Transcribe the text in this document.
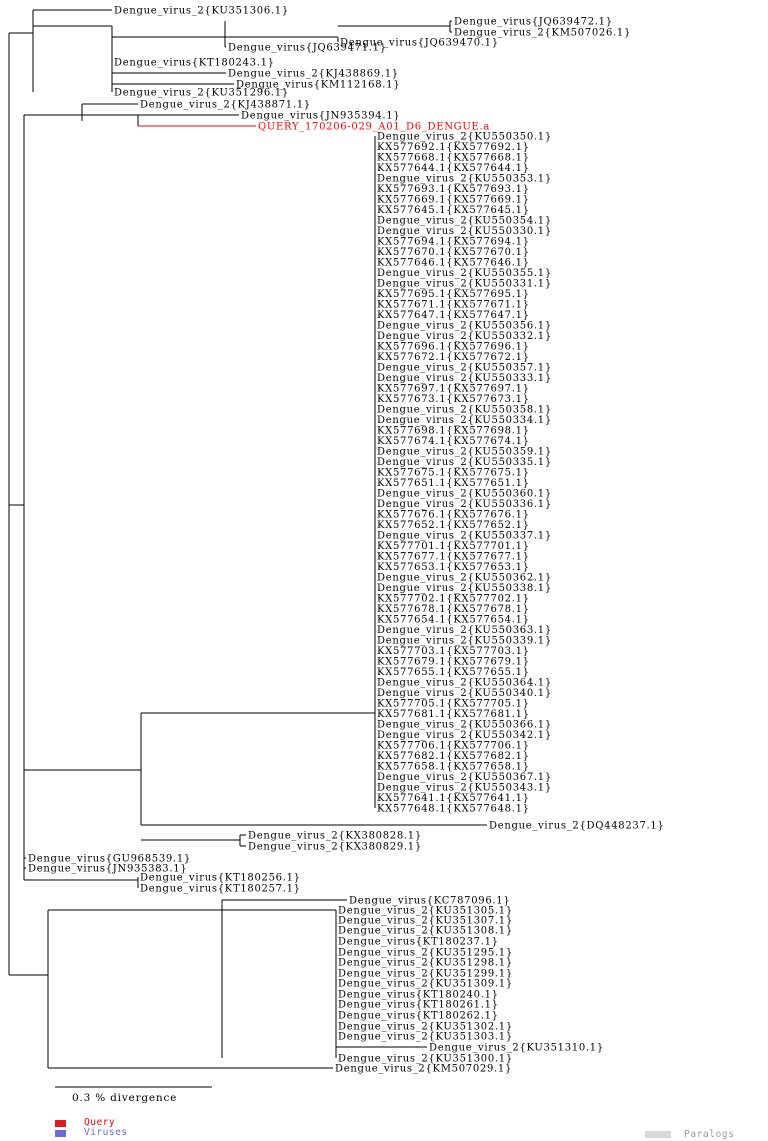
Dengue_virus_2{KU351306.1}
Dengue_virus{JQ639472.1}
Dengue_virus_2{KM507026.1}
Dengue_virus{JQ639470.1}
Dengue_virus{JQ639471.1}
Dengue_virus{KT180243.1}
Dengue_virus_2{KJ438869.1}
Dengue_virus{KM112168.1}
Dengue_virus_2{KU351296.1}
Dengue_virus_2{KJ438871.1}
Dengue_virus{JN935394.1}
QUERY_170206-029_A01_D6_DENGUE.a
Dengue_virus_2{KU550350.1}
KX577692.1{KX577692.1}
KX577668.1{KX577668.1}
KX577644.1{KX577644.1}
Dengue_virus_2{KU550353.1}
KX577693.1{KX577693.1}
KX577669.1{KX577669.1}
KX577645.1{KX577645.1}
Dengue_virus_2{KU550354.1}
Dengue_virus_2{KU550330.1}
KX577694.1{KX577694.1}
KX577670.1{KX577670.1}
KX577646.1{KX577646.1}
Dengue_virus_2{KU550355.1}
Dengue_virus_2{KU550331.1}
KX577695.1{KX577695.1}
KX577671.1{KX577671.1}
KX577647.1{KX577647.1}
Dengue_virus_2{KU550356.1}
Dengue_virus_2{KU550332.1}
KX577696.1{KX577696.1}
KX577672.1{KX577672.1}
Dengue_virus_2{KU550357.1}
Dengue_virus_2{KU550333.1}
KX577697.1{KX577697.1}
KX577673.1{KX577673.1}
Dengue_virus_2{KU550358.1}
Dengue_virus_2{KU550334.1}
KX577698.1{KX577698.1}
KX577674.1{KX577674.1}
Dengue_virus_2{KU550359.1}
Dengue_virus_2{KU550335.1}
KX577675.1{KX577675.1}
KX577651.1{KX577651.1}
Dengue_virus_2{KU550360.1}
Dengue_virus_2{KU550336.1}
KX577676.1{KX577676.1}
KX577652.1{KX577652.1}
Dengue_virus_2{KU550337.1}
KX577701.1{KX577701.1}
KX577677.1{KX577677.1}
KX577653.1{KX577653.1}
Dengue_virus_2{KU550362.1}
Dengue_virus_2{KU550338.1}
KX577702.1{KX577702.1}
KX577678.1{KX577678.1}
KX577654.1{KX577654.1}
Dengue_virus_2{KU550363.1}
Dengue_virus_2{KU550339.1}
KX577703.1{KX577703.1}
KX577679.1{KX577679.1}
KX577655.1{KX577655.1}
Dengue_virus_2{KU550364.1}
Dengue_virus_2{KU550340.1}
KX577705.1{KX577705.1}
KX577681.1{KX577681.1}
Dengue_virus_2{KU550366.1}
Dengue_virus_2{KU550342.1}
KX577706.1{KX577706.1}
KX577682.1{KX577682.1}
KX577658.1{KX577658.1}
Dengue_virus_2{KU550367.1}
Dengue_virus_2{KU550343.1}
KX577641.1{KX577641.1}
KX577648.1{KX577648.1}
Dengue_virus_2{DQ448237.1}
Dengue_virus_2{KX380828.1}
Dengue_virus_2{KX380829.1}
Dengue_virus{GU968539.1}
Dengue_virus{JN935383.1}
Dengue_virus{KT180256.1}
Dengue_virus{KT180257.1}
Dengue_virus{KC787096.1}
Dengue_virus_2{KU351305.1}
Dengue_virus_2{KU351307.1}
Dengue_virus_2{KU351308.1}
Dengue_virus{KT180237.1}
Dengue_virus_2{KU351295.1}
Dengue_virus_2{KU351298.1}
Dengue_virus_2{KU351299.1}
Dengue_virus_2{KU351309.1}
Dengue_virus{KT180240.1}
Dengue_virus{KT180261.1}
Dengue_virus{KT180262.1}
Dengue_virus_2{KU351302.1}
Dengue_virus_2{KU351303.1}
Dengue_virus_2{KU351310.1}
Dengue_virus_2{KU351300.1}
Dengue_virus_2{KM507029.1}
0.3 % divergence
Query
Viruses	Paralogs
